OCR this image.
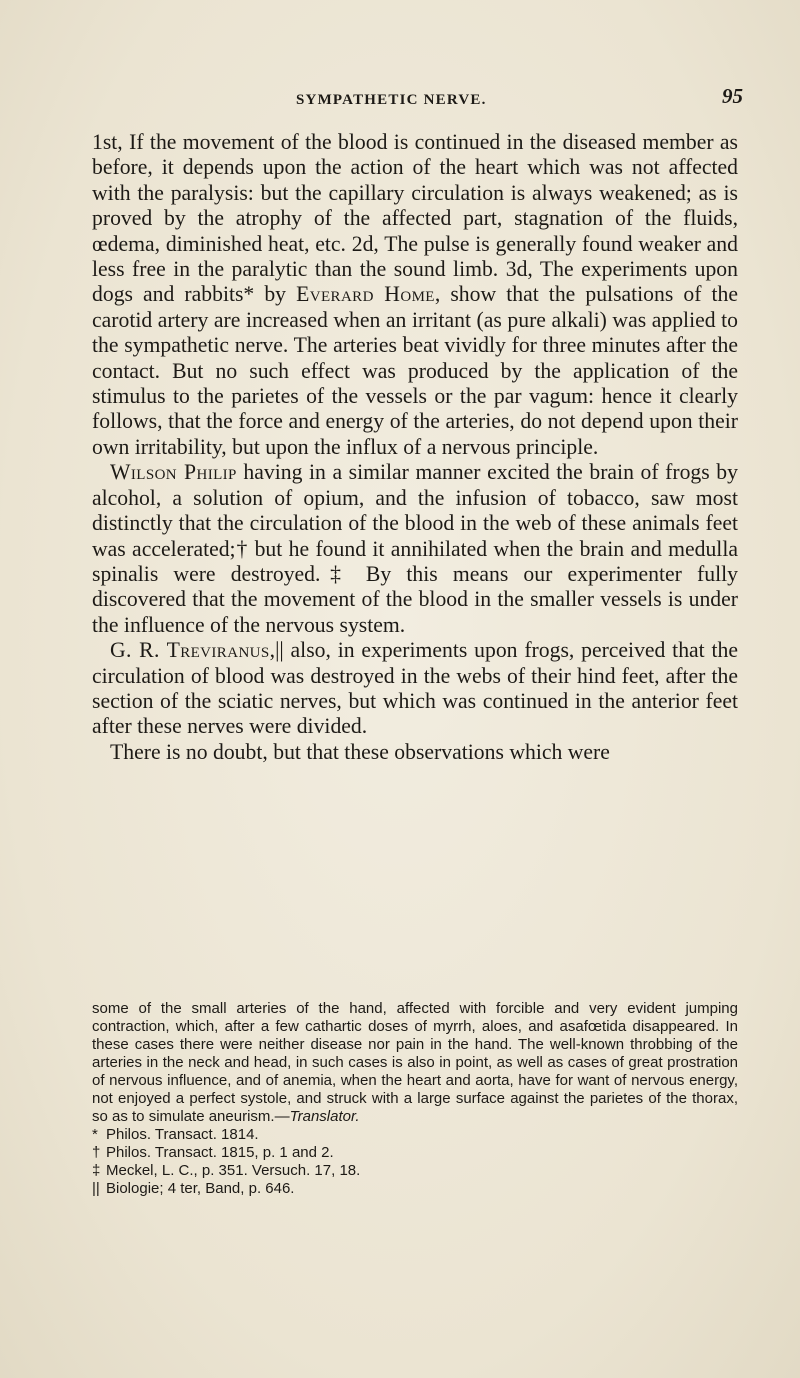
SYMPATHETIC NERVE.	95

1st, If the movement of the blood is continued in the diseased member as before, it depends upon the action of the heart which was not affected with the paralysis: but the capillary circulation is always weakened; as is proved by the atrophy of the affected part, stagnation of the fluids, œdema, diminished heat, etc. 2d, The pulse is generally found weaker and less free in the paralytic than the sound limb. 3d, The experiments upon dogs and rabbits* by Everard Home, show that the pulsations of the carotid artery are increased when an irritant (as pure alkali) was applied to the sympathetic nerve. The arteries beat vividly for three minutes after the contact. But no such effect was produced by the application of the stimulus to the parietes of the vessels or the par vagum: hence it clearly follows, that the force and energy of the arteries, do not depend upon their own irritability, but upon the influx of a nervous principle.

Wilson Philip having in a similar manner excited the brain of frogs by alcohol, a solution of opium, and the infusion of tobacco, saw most distinctly that the circulation of the blood in the web of these animals feet was accelerated;† but he found it annihilated when the brain and medulla spinalis were destroyed.‡ By this means our experimenter fully discovered that the movement of the blood in the smaller vessels is under the influence of the nervous system.

G. R. Treviranus,|| also, in experiments upon frogs, perceived that the circulation of blood was destroyed in the webs of their hind feet, after the section of the sciatic nerves, but which was continued in the anterior feet after these nerves were divided.

There is no doubt, but that these observations which were

some of the small arteries of the hand, affected with forcible and very evident jumping contraction, which, after a few cathartic doses of myrrh, aloes, and asafœtida disappeared. In these cases there were neither disease nor pain in the hand. The well-known throbbing of the arteries in the neck and head, in such cases is also in point, as well as cases of great prostration of nervous influence, and of anemia, when the heart and aorta, have for want of nervous energy, not enjoyed a perfect systole, and struck with a large surface against the parietes of the thorax, so as to simulate aneurism.—Translator.

* Philos. Transact. 1814.

† Philos. Transact. 1815, p. 1 and 2.

‡ Meckel, L. C., p. 351. Versuch. 17, 18.

|| Biologie; 4 ter, Band, p. 646.
